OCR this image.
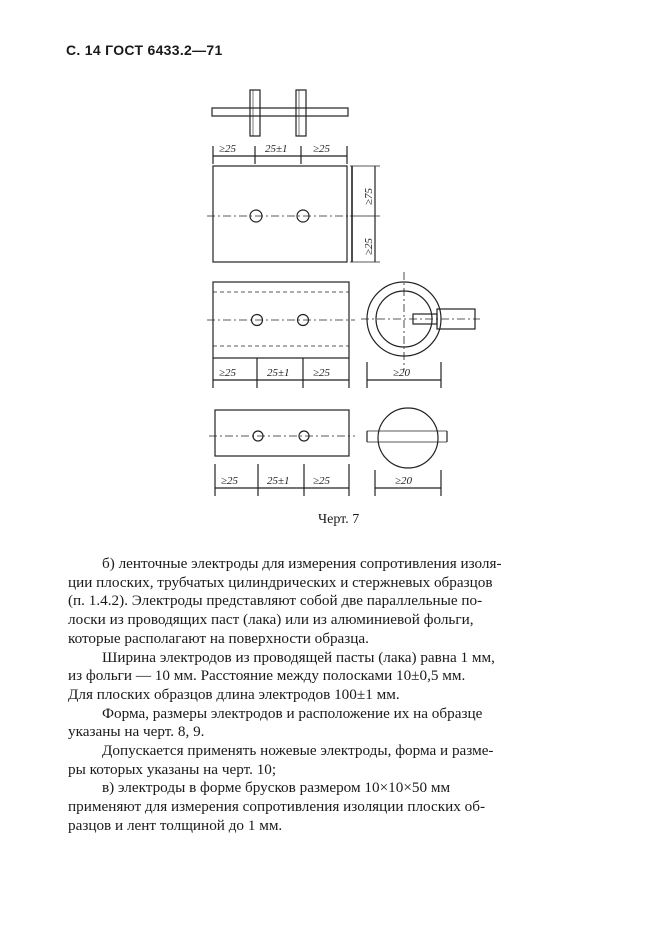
С. 14 ГОСТ 6433.2—71
≥25	25±1 ≥25
≥75
≥25
≥25	25±1 ≥25	≥20
≥25	25±1 ≥25	≥20
Черт. 7

б) ленточные электроды для измерения сопротивления изоля-

ции плоских, трубчатых цилиндрических и стержневых образцов

(п. 1.4.2). Электроды представляют собой две параллельные по-

лоски из проводящих паст (лака) или из алюминиевой фольги,

которые располагают на поверхности образца.

Ширина электродов из проводящей пасты (лака) равна 1 мм,

из фольги — 10 мм. Расстояние между полосками 10±0,5 мм.

Для плоских образцов длина электродов 100±1 мм.

Форма, размеры электродов и расположение их на образце

указаны на черт. 8, 9.

Допускается применять ножевые электроды, форма и разме-

ры которых указаны на черт. 10;

в) электроды в форме брусков размером 10×10×50 мм

применяют для измерения сопротивления изоляции плоских об-

разцов и лент толщиной до 1 мм.
